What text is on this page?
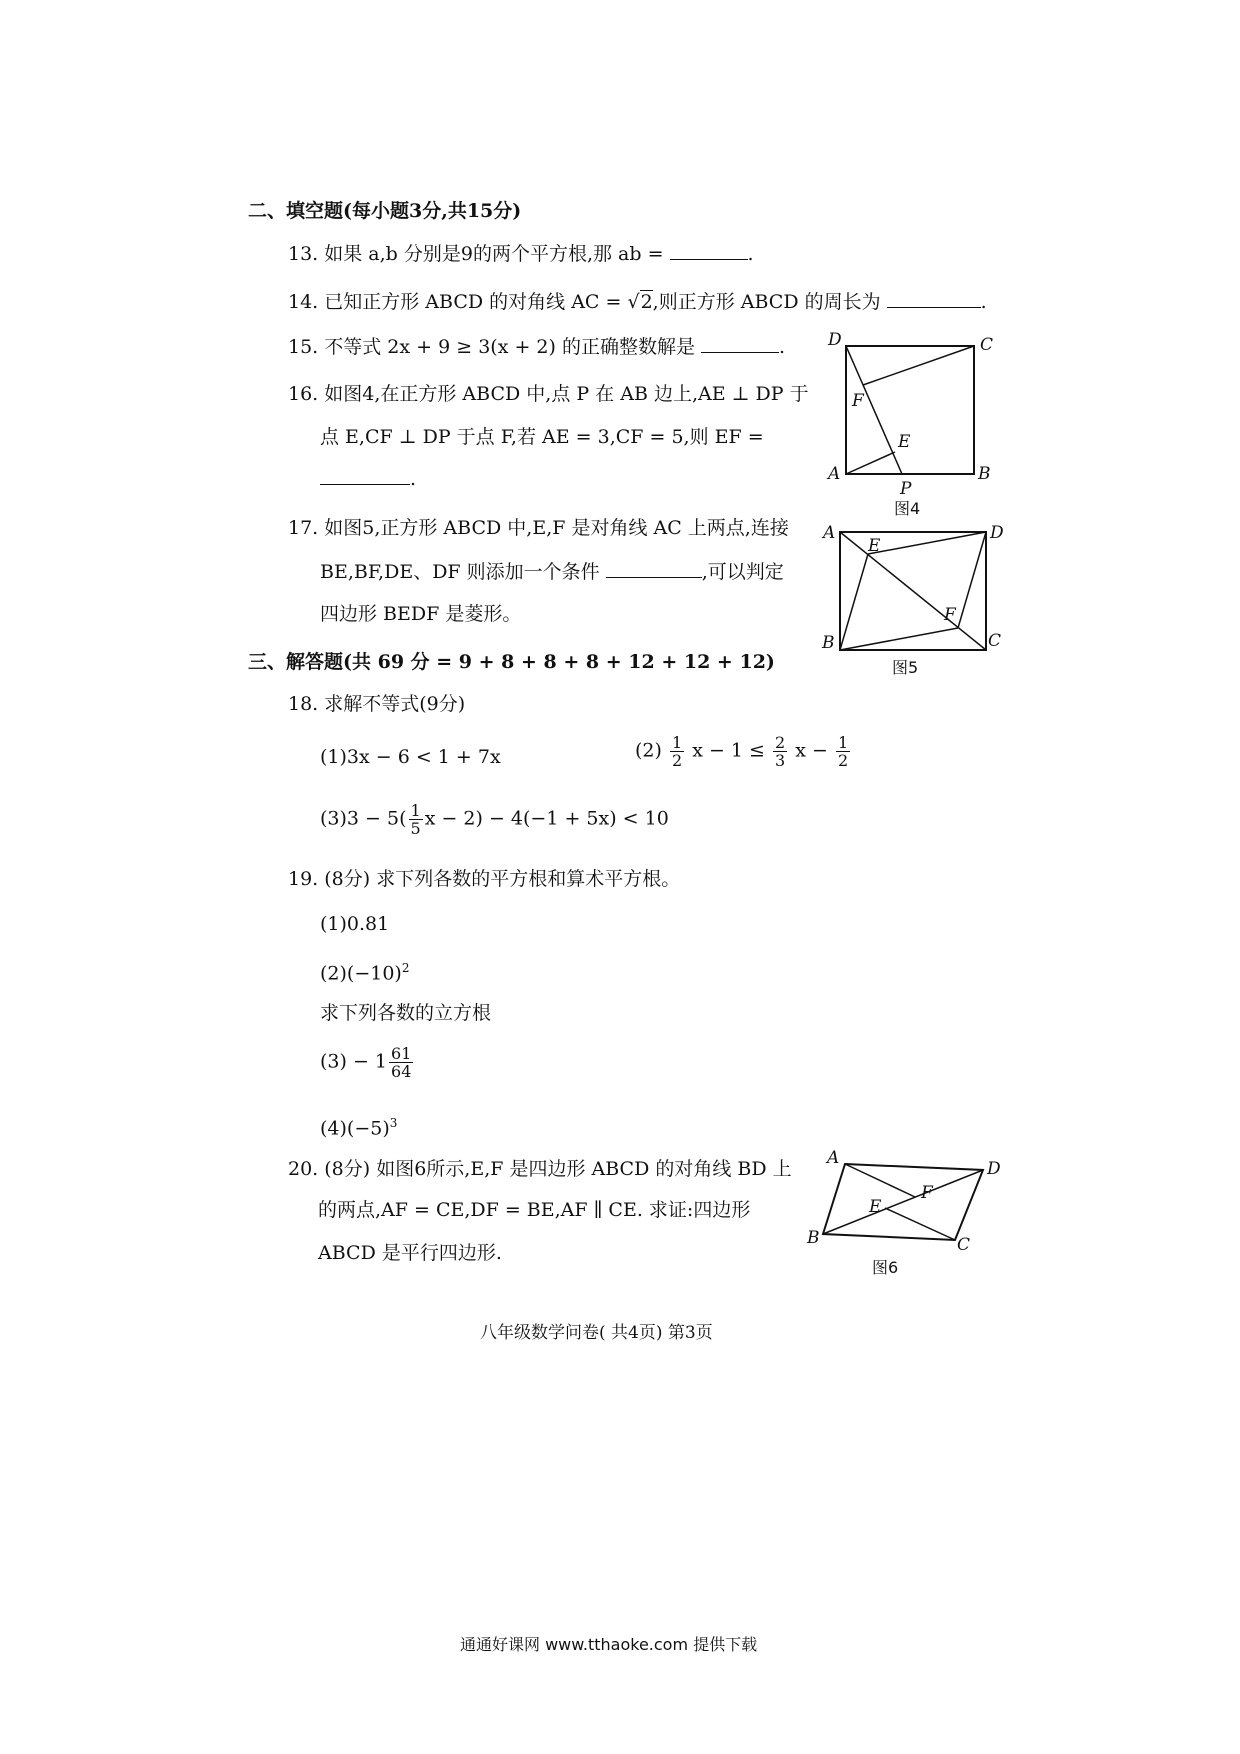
二、填空题(每小题3分,共15分)
13. 如果 a,b 分别是9的两个平方根,那 ab =	.
14. 已知正方形 ABCD 的对角线 AC = √2,则正方形 ABCD 的周长为	.
15. 不等式 2x + 9 ≥ 3(x + 2) 的正确整数解是	.
16. 如图4,在正方形 ABCD 中,点 P 在 AB 边上,AE ⊥ DP 于
点 E,CF ⊥ DP 于点 F,若 AE = 3,CF = 5,则 EF =
.
D	C
A	B
P
F
E
图4
17. 如图5,正方形 ABCD 中,E,F 是对角线 AC 上两点,连接
BE,BF,DE、DF 则添加一个条件	,可以判定
四边形 BEDF 是菱形。
A	D
B	C
E
F
图5
三、解答题(共 69 分 = 9 + 8 + 8 + 8 + 12 + 12 + 12)
18. 求解不等式(9分)
(1)3x − 6 < 1 + 7x	$(2) \frac{1}{2}$ $x - 1 \le \frac{2}{3}$ $x - \frac{1}{2}$
$(3)3 - 5( \frac{1}{5}$ x − 2) − 4(−1 + 5x) < 10
19. (8分) 求下列各数的平方根和算术平方根。
(1)0.81
$(2)(-10)^2$
求下列各数的立方根
$(3) - 1 \frac{61}{64}$
$(4)(-5)^3$
20. (8分) 如图6所示,E,F 是四边形 ABCD 的对角线 BD 上
的两点,AF = CE,DF = BE,AF ∥ CE. 求证:四边形
ABCD 是平行四边形.
A
D
B	C
E
F
图6
八年级数学问卷( 共4页) 第3页
通通好课网 www.tthaoke.com 提供下载
